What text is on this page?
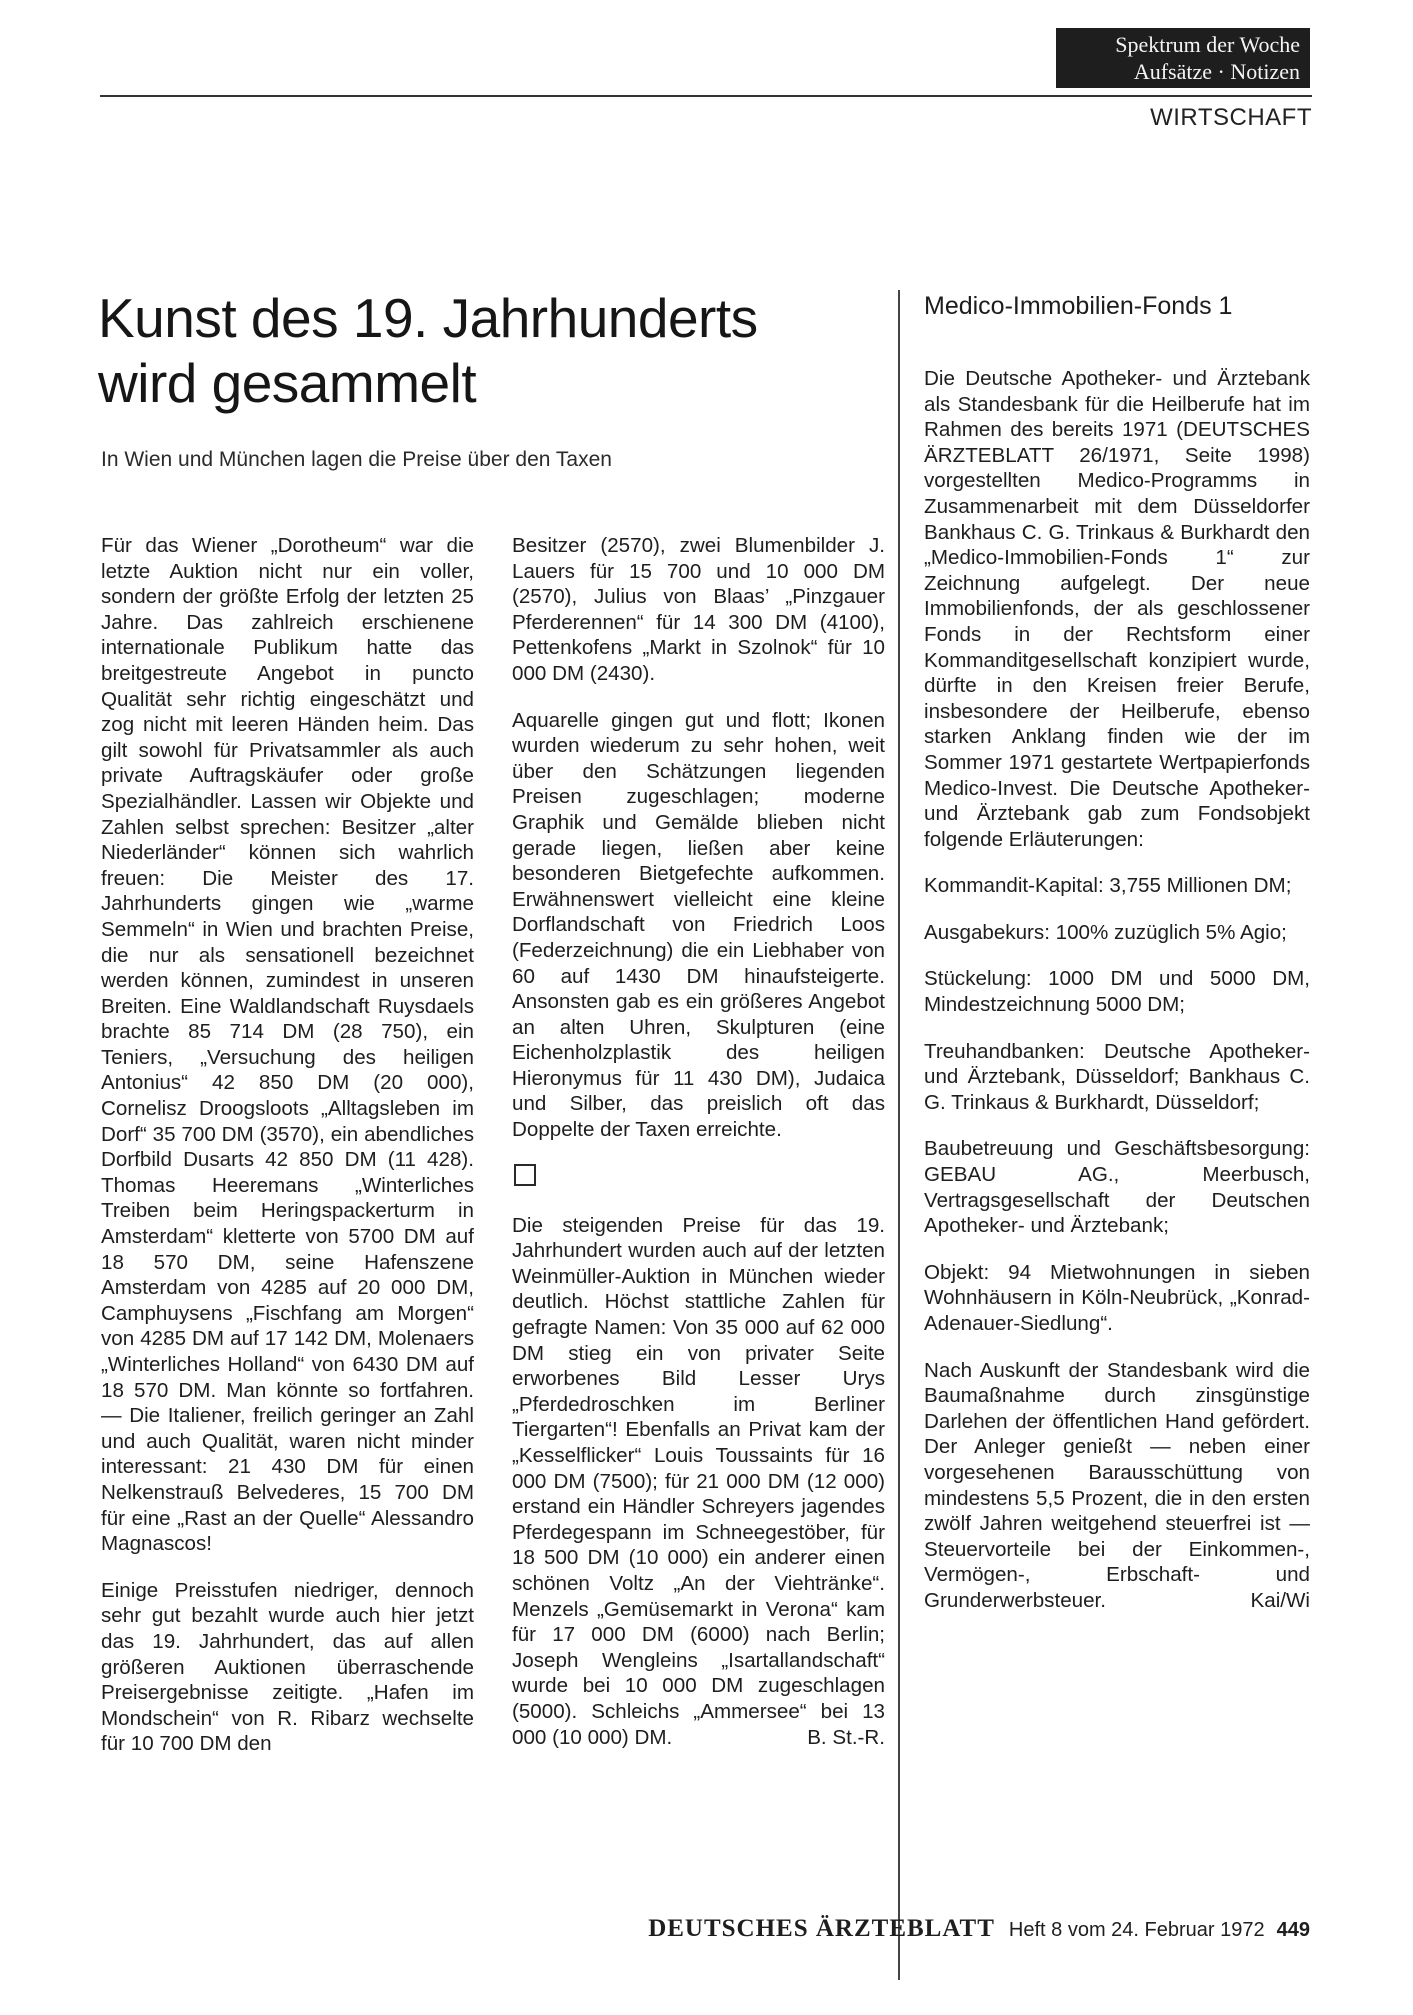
Spektrum der Woche
Aufsätze · Notizen
WIRTSCHAFT
Kunst des 19. Jahrhunderts wird gesammelt

In Wien und München lagen die Preise über den Taxen

Für das Wiener „Dorotheum“ war die letzte Auktion nicht nur ein voller, sondern der größte Erfolg der letzten 25 Jahre. Das zahlreich erschienene internationale Publikum hatte das breitgestreute Angebot in puncto Qualität sehr richtig eingeschätzt und zog nicht mit leeren Händen heim. Das gilt sowohl für Privatsammler als auch private Auftragskäufer oder große Spezialhändler. Lassen wir Objekte und Zahlen selbst sprechen: Besitzer „alter Niederländer“ können sich wahrlich freuen: Die Meister des 17. Jahrhunderts gingen wie „warme Semmeln“ in Wien und brachten Preise, die nur als sensationell bezeichnet werden können, zumindest in unseren Breiten. Eine Waldlandschaft Ruysdaels brachte 85 714 DM (28 750), ein Teniers, „Versuchung des heiligen Antonius“ 42 850 DM (20 000), Cornelisz Droogsloots „Alltagsleben im Dorf“ 35 700 DM (3570), ein abendliches Dorfbild Dusarts 42 850 DM (11 428). Thomas Heeremans „Winterliches Treiben beim Heringspackerturm in Amsterdam“ kletterte von 5700 DM auf 18 570 DM, seine Hafenszene Amsterdam von 4285 auf 20 000 DM, Camphuysens „Fischfang am Morgen“ von 4285 DM auf 17 142 DM, Molenaers „Winterliches Holland“ von 6430 DM auf 18 570 DM. Man könnte so fortfahren. — Die Italiener, freilich geringer an Zahl und auch Qualität, waren nicht minder interessant: 21 430 DM für einen Nelkenstrauß Belvederes, 15 700 DM für eine „Rast an der Quelle“ Alessandro Magnascos!

Einige Preisstufen niedriger, dennoch sehr gut bezahlt wurde auch hier jetzt das 19. Jahrhundert, das auf allen größeren Auktionen überraschende Preisergebnisse zeitigte. „Hafen im Mondschein“ von R. Ribarz wechselte für 10 700 DM den

Besitzer (2570), zwei Blumenbilder J. Lauers für 15 700 und 10 000 DM (2570), Julius von Blaas’ „Pinzgauer Pferderennen“ für 14 300 DM (4100), Pettenkofens „Markt in Szolnok“ für 10 000 DM (2430).

Aquarelle gingen gut und flott; Ikonen wurden wiederum zu sehr hohen, weit über den Schätzungen liegenden Preisen zugeschlagen; moderne Graphik und Gemälde blieben nicht gerade liegen, ließen aber keine besonderen Bietgefechte aufkommen. Erwähnenswert vielleicht eine kleine Dorflandschaft von Friedrich Loos (Federzeichnung) die ein Liebhaber von 60 auf 1430 DM hinaufsteigerte. Ansonsten gab es ein größeres Angebot an alten Uhren, Skulpturen (eine Eichenholzplastik des heiligen Hieronymus für 11 430 DM), Judaica und Silber, das preislich oft das Doppelte der Taxen erreichte.

Die steigenden Preise für das 19. Jahrhundert wurden auch auf der letzten Weinmüller-Auktion in München wieder deutlich. Höchst stattliche Zahlen für gefragte Namen: Von 35 000 auf 62 000 DM stieg ein von privater Seite erworbenes Bild Lesser Urys „Pferdedroschken im Berliner Tiergarten“! Ebenfalls an Privat kam der „Kesselflicker“ Louis Toussaints für 16 000 DM (7500); für 21 000 DM (12 000) erstand ein Händler Schreyers jagendes Pferdegespann im Schneegestöber, für 18 500 DM (10 000) ein anderer einen schönen Voltz „An der Viehtränke“. Menzels „Gemüsemarkt in Verona“ kam für 17 000 DM (6000) nach Berlin; Joseph Wengleins „Isartallandschaft“ wurde bei 10 000 DM zugeschlagen (5000). Schleichs „Ammersee“ bei 13 000 (10 000) DM.	B. St.-R.

Medico-Immobilien-Fonds 1

Die Deutsche Apotheker- und Ärztebank als Standesbank für die Heilberufe hat im Rahmen des bereits 1971 (DEUTSCHES ÄRZTEBLATT 26/1971, Seite 1998) vorgestellten Medico-Programms in Zusammenarbeit mit dem Düsseldorfer Bankhaus C. G. Trinkaus & Burkhardt den „Medico-Immobilien-Fonds 1“ zur Zeichnung aufgelegt. Der neue Immobilienfonds, der als geschlossener Fonds in der Rechtsform einer Kommanditgesellschaft konzipiert wurde, dürfte in den Kreisen freier Berufe, insbesondere der Heilberufe, ebenso starken Anklang finden wie der im Sommer 1971 gestartete Wertpapierfonds Medico-Invest. Die Deutsche Apotheker- und Ärztebank gab zum Fondsobjekt folgende Erläuterungen:

Kommandit-Kapital: 3,755 Millionen DM;

Ausgabekurs: 100% zuzüglich 5% Agio;

Stückelung: 1000 DM und 5000 DM, Mindestzeichnung 5000 DM;

Treuhandbanken: Deutsche Apotheker- und Ärztebank, Düsseldorf; Bankhaus C. G. Trinkaus & Burkhardt, Düsseldorf;

Baubetreuung und Geschäftsbesorgung: GEBAU AG., Meerbusch, Vertragsgesellschaft der Deutschen Apotheker- und Ärztebank;

Objekt: 94 Mietwohnungen in sieben Wohnhäusern in Köln-Neubrück, „Konrad-Adenauer-Siedlung“.

Nach Auskunft der Standesbank wird die Baumaßnahme durch zinsgünstige Darlehen der öffentlichen Hand gefördert. Der Anleger genießt — neben einer vorgesehenen Barausschüttung von mindestens 5,5 Prozent, die in den ersten zwölf Jahren weitgehend steuerfrei ist — Steuervorteile bei der Einkommen-, Vermögen-, Erbschaft- und Grunderwerbsteuer.	Kai/Wi

DEUTSCHES ÄRZTEBLATT Heft 8 vom 24. Februar 1972 449
